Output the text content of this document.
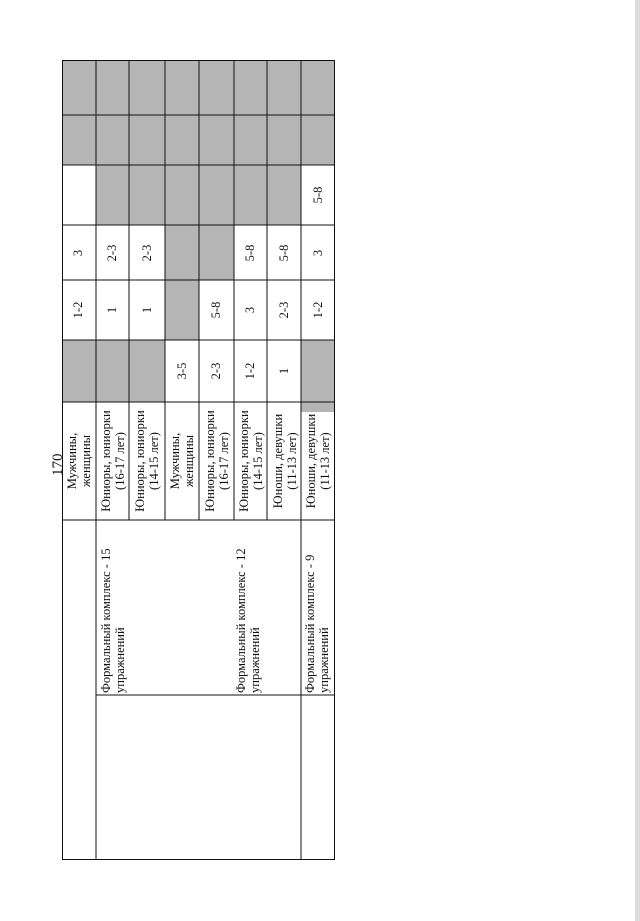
170
Формальный комплекс - 15 упражнений	Формальный комплекс - 12 упражнений	Формальный комплекс - 9 упражнений
Мужчины,
женщины Юниоры, юниорки
(16-17 лет)
Юниоры, юниорки
(14-15 лет) Мужчины,
женщины Юниоры, юниорки
(16-17 лет)
Юниоры, юниорки
(14-15 лет)
Юноши, девушки
(11-13 лет)
Юноши, девушки
(11-13 лет)
1-2
3
1
2-3
1
2-3
3-5 2-3
5-8
1-2
3
5-8
1
2-3
5-8
1-2
3
5-8
